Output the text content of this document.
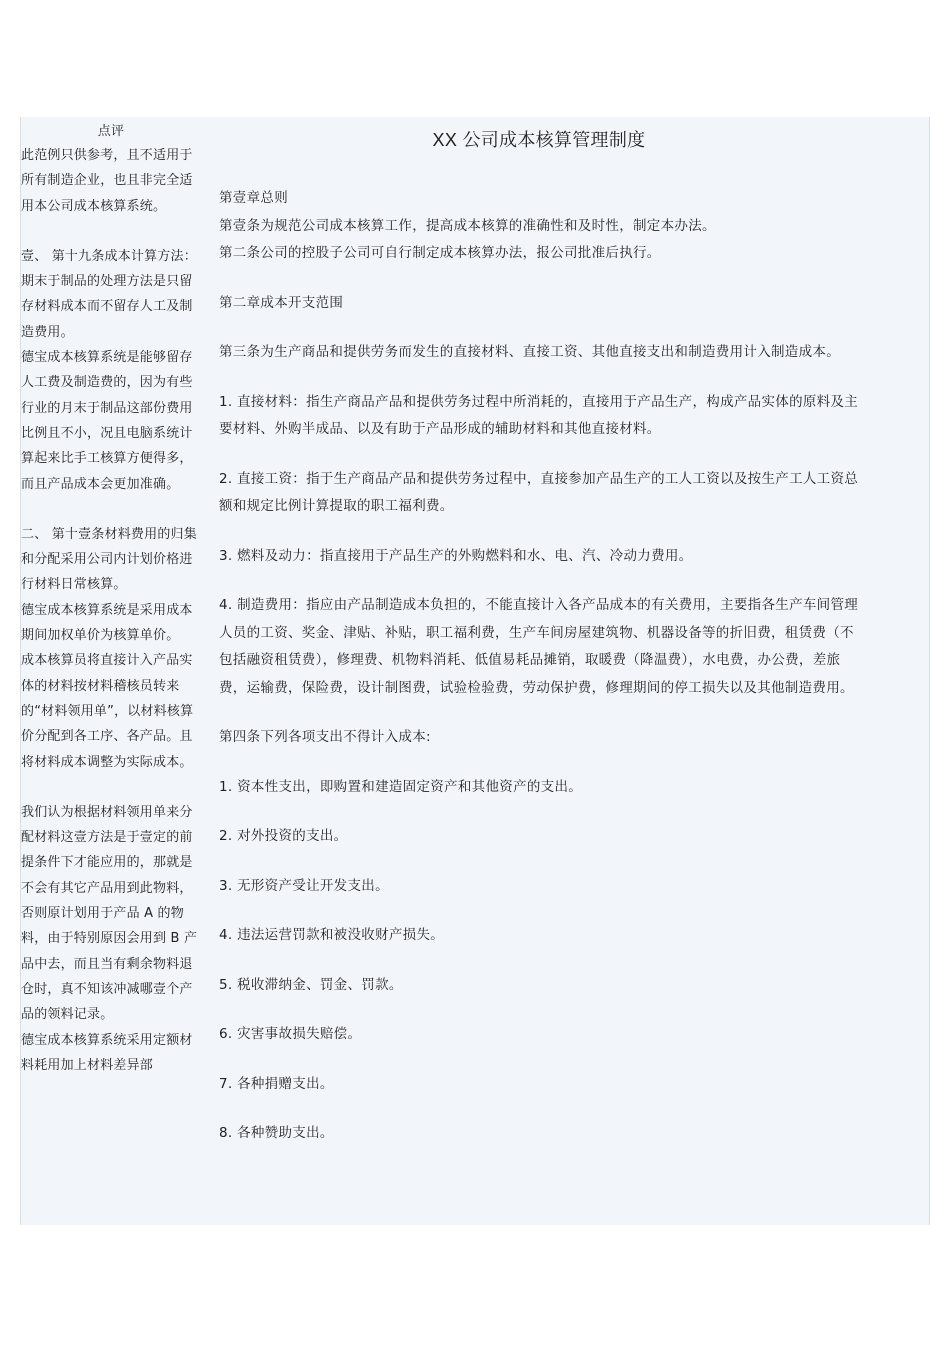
点评

此范例只供参考，且不适用于所有制造企业，也且非完全适用本公司成本核算系统。

壹、 第十九条成本计算方法： 期末于制品的处理方法是只留存材料成本而不留存人工及制造费用。

德宝成本核算系统是能够留存人工费及制造费的，因为有些行业的月末于制品这部份费用比例且不小，况且电脑系统计算起来比手工核算方便得多，而且产品成本会更加准确。

二、 第十壹条材料费用的归集和分配采用公司内计划价格进行材料日常核算。

德宝成本核算系统是采用成本期间加权单价为核算单价。

成本核算员将直接计入产品实体的材料按材料稽核员转来的“材料领用单”，以材料核算价分配到各工序、各产品。且将材料成本调整为实际成本。

我们认为根据材料领用单来分配材料这壹方法是于壹定的前提条件下才能应用的，那就是不会有其它产品用到此物料，否则原计划用于产品 A 的物料，由于特别原因会用到 B 产品中去，而且当有剩余物料退仓时，真不知该冲减哪壹个产品的领料记录。

德宝成本核算系统采用定额材料耗用加上材料差异部

XX 公司成本核算管理制度

第壹章总则

第壹条为规范公司成本核算工作，提高成本核算的准确性和及时性，制定本办法。

第二条公司的控股子公司可自行制定成本核算办法，报公司批准后执行。

第二章成本开支范围

第三条为生产商品和提供劳务而发生的直接材料、直接工资、其他直接支出和制造费用计入制造成本。

1. 直接材料：指生产商品产品和提供劳务过程中所消耗的，直接用于产品生产，构成产品实体的原料及主要材料、外购半成品、以及有助于产品形成的辅助材料和其他直接材料。

2. 直接工资：指于生产商品产品和提供劳务过程中，直接参加产品生产的工人工资以及按生产工人工资总额和规定比例计算提取的职工福利费。

3. 燃料及动力：指直接用于产品生产的外购燃料和水、电、汽、冷动力费用。

4. 制造费用：指应由产品制造成本负担的，不能直接计入各产品成本的有关费用，主要指各生产车间管理人员的工资、奖金、津贴、补贴，职工福利费，生产车间房屋建筑物、机器设备等的折旧费，租赁费（不包括融资租赁费），修理费、机物料消耗、低值易耗品摊销，取暖费（降温费），水电费，办公费，差旅费，运输费，保险费，设计制图费，试验检验费，劳动保护费，修理期间的停工损失以及其他制造费用。

第四条下列各项支出不得计入成本:

1. 资本性支出，即购置和建造固定资产和其他资产的支出。

2. 对外投资的支出。

3. 无形资产受让开发支出。

4. 违法运营罚款和被没收财产损失。

5. 税收滞纳金、罚金、罚款。

6. 灾害事故损失赔偿。

7. 各种捐赠支出。

8. 各种赞助支出。
